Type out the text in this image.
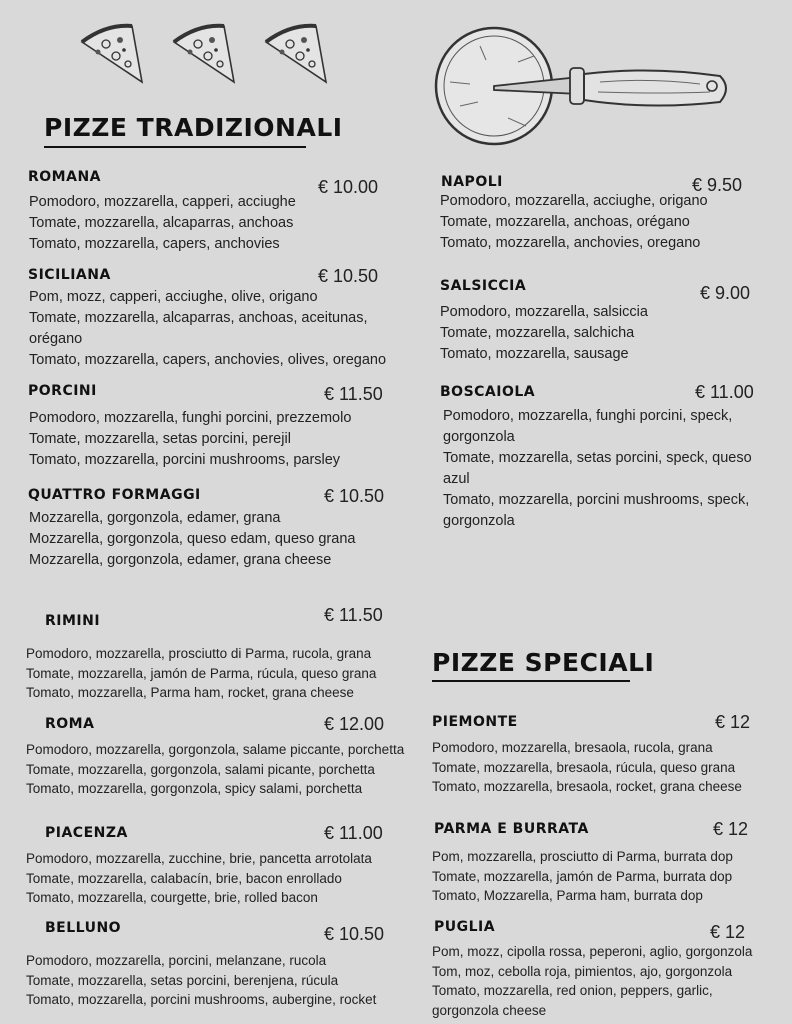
PIZZE TRADIZIONALI
PIZZE SPECIALI
ROMANA	€ 10.00
Pomodoro, mozzarella, capperi, acciughe
Tomate, mozzarella, alcaparras, anchoas
Tomato, mozzarella, capers, anchovies
SICILIANA	€ 10.50
Pom, mozz, capperi, acciughe, olive, origano
Tomate, mozzarella, alcaparras, anchoas, aceitunas,
orégano
Tomato, mozzarella, capers, anchovies, olives, oregano
PORCINI	€ 11.50
Pomodoro, mozzarella, funghi porcini, prezzemolo
Tomate, mozzarella, setas porcini, perejil
Tomato, mozzarella, porcini mushrooms, parsley
QUATTRO FORMAGGI	€ 10.50
Mozzarella, gorgonzola, edamer, grana
Mozzarella, gorgonzola, queso edam, queso grana
Mozzarella, gorgonzola, edamer, grana cheese
NAPOLI	€ 9.50
Pomodoro, mozzarella, acciughe, origano
Tomate, mozzarella, anchoas, orégano
Tomato, mozzarella, anchovies, oregano
SALSICCIA	€ 9.00
Pomodoro, mozzarella, salsiccia
Tomate, mozzarella, salchicha
Tomato, mozzarella, sausage
BOSCAIOLA	€ 11.00
Pomodoro, mozzarella, funghi porcini, speck,
gorgonzola
Tomate, mozzarella, setas porcini, speck, queso
azul
Tomato, mozzarella, porcini mushrooms, speck,
gorgonzola
RIMINI	€ 11.50
Pomodoro, mozzarella, prosciutto di Parma, rucola, grana
Tomate, mozzarella, jamón de Parma, rúcula, queso grana
Tomato, mozzarella, Parma ham, rocket, grana cheese
ROMA	€ 12.00
Pomodoro, mozzarella, gorgonzola, salame piccante, porchetta
Tomate, mozzarella, gorgonzola, salami picante, porchetta
Tomato, mozzarella, gorgonzola, spicy salami, porchetta
PIACENZA	€ 11.00
Pomodoro, mozzarella, zucchine, brie, pancetta arrotolata
Tomate, mozzarella, calabacín, brie, bacon enrollado
Tomato, mozzarella, courgette, brie, rolled bacon
BELLUNO	€ 10.50
Pomodoro, mozzarella, porcini, melanzane, rucola
Tomate, mozzarella, setas porcini, berenjena, rúcula
Tomato, mozzarella, porcini mushrooms, aubergine, rocket
PIEMONTE	€ 12
Pomodoro, mozzarella, bresaola, rucola, grana
Tomate, mozzarella, bresaola, rúcula, queso grana
Tomato, mozzarella, bresaola, rocket, grana cheese
PARMA E BURRATA	€ 12
Pom, mozzarella, prosciutto di Parma, burrata dop
Tomate, mozzarella, jamón de Parma, burrata dop
Tomato, Mozzarella, Parma ham, burrata dop
PUGLIA	€ 12
Pom, mozz, cipolla rossa, peperoni, aglio, gorgonzola
Tom, moz, cebolla roja, pimientos, ajo, gorgonzola
Tomato, mozzarella, red onion, peppers, garlic,
gorgonzola cheese
